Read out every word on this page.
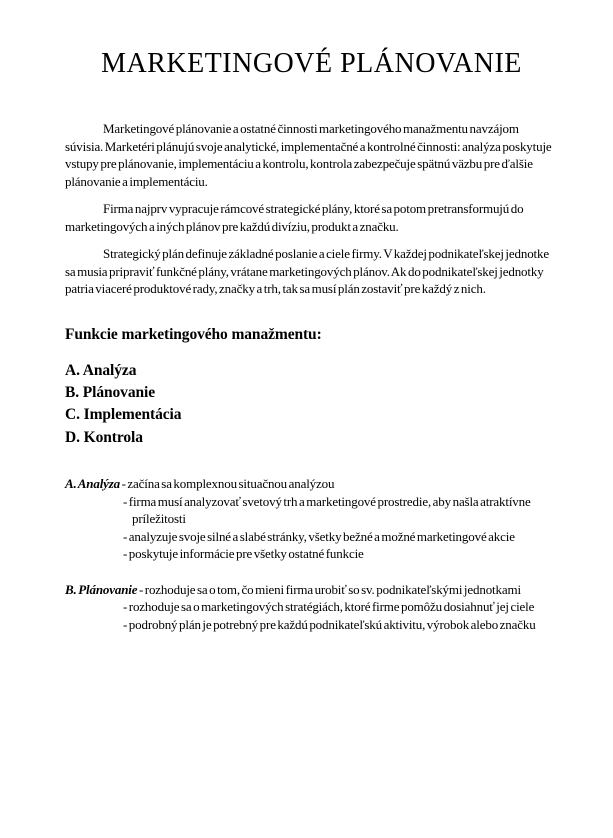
MARKETINGOVÉ PLÁNOVANIE

Marketingové plánovanie a ostatné činnosti marketingového manažmentu navzájom súvisia. Marketéri plánujú svoje analytické, implementačné a kontrolné činnosti: analýza poskytuje vstupy pre plánovanie, implementáciu a kontrolu, kontrola zabezpečuje spätnú väzbu pre ďalšie plánovanie a implementáciu.

Firma najprv vypracuje rámcové strategické plány, ktoré sa potom pretransformujú do marketingových a iných plánov pre každú divíziu, produkt a značku.

Strategický plán definuje základné poslanie a ciele firmy. V každej podnikateľskej jednotke sa musia pripraviť funkčné plány, vrátane marketingových plánov. Ak do podnikateľskej jednotky patria viaceré produktové rady, značky a trh, tak sa musí plán zostaviť pre každý z nich.

Funkcie marketingového manažmentu:
A. Analýza
B. Plánovanie
C. Implementácia
D. Kontrola
A. Analýza - začína sa komplexnou situačnou analýzou
- firma musí analyzovať svetový trh a marketingové prostredie, aby našla atraktívne príležitosti
- analyzuje svoje silné a slabé stránky, všetky bežné a možné marketingové akcie
- poskytuje informácie pre všetky ostatné funkcie
B. Plánovanie - rozhoduje sa o tom, čo mieni firma urobiť so sv. podnikateľskými jednotkami
- rozhoduje sa o marketingových stratégiách, ktoré firme pomôžu dosiahnuť jej ciele
- podrobný plán je potrebný pre každú podnikateľskú aktivitu, výrobok alebo značku
